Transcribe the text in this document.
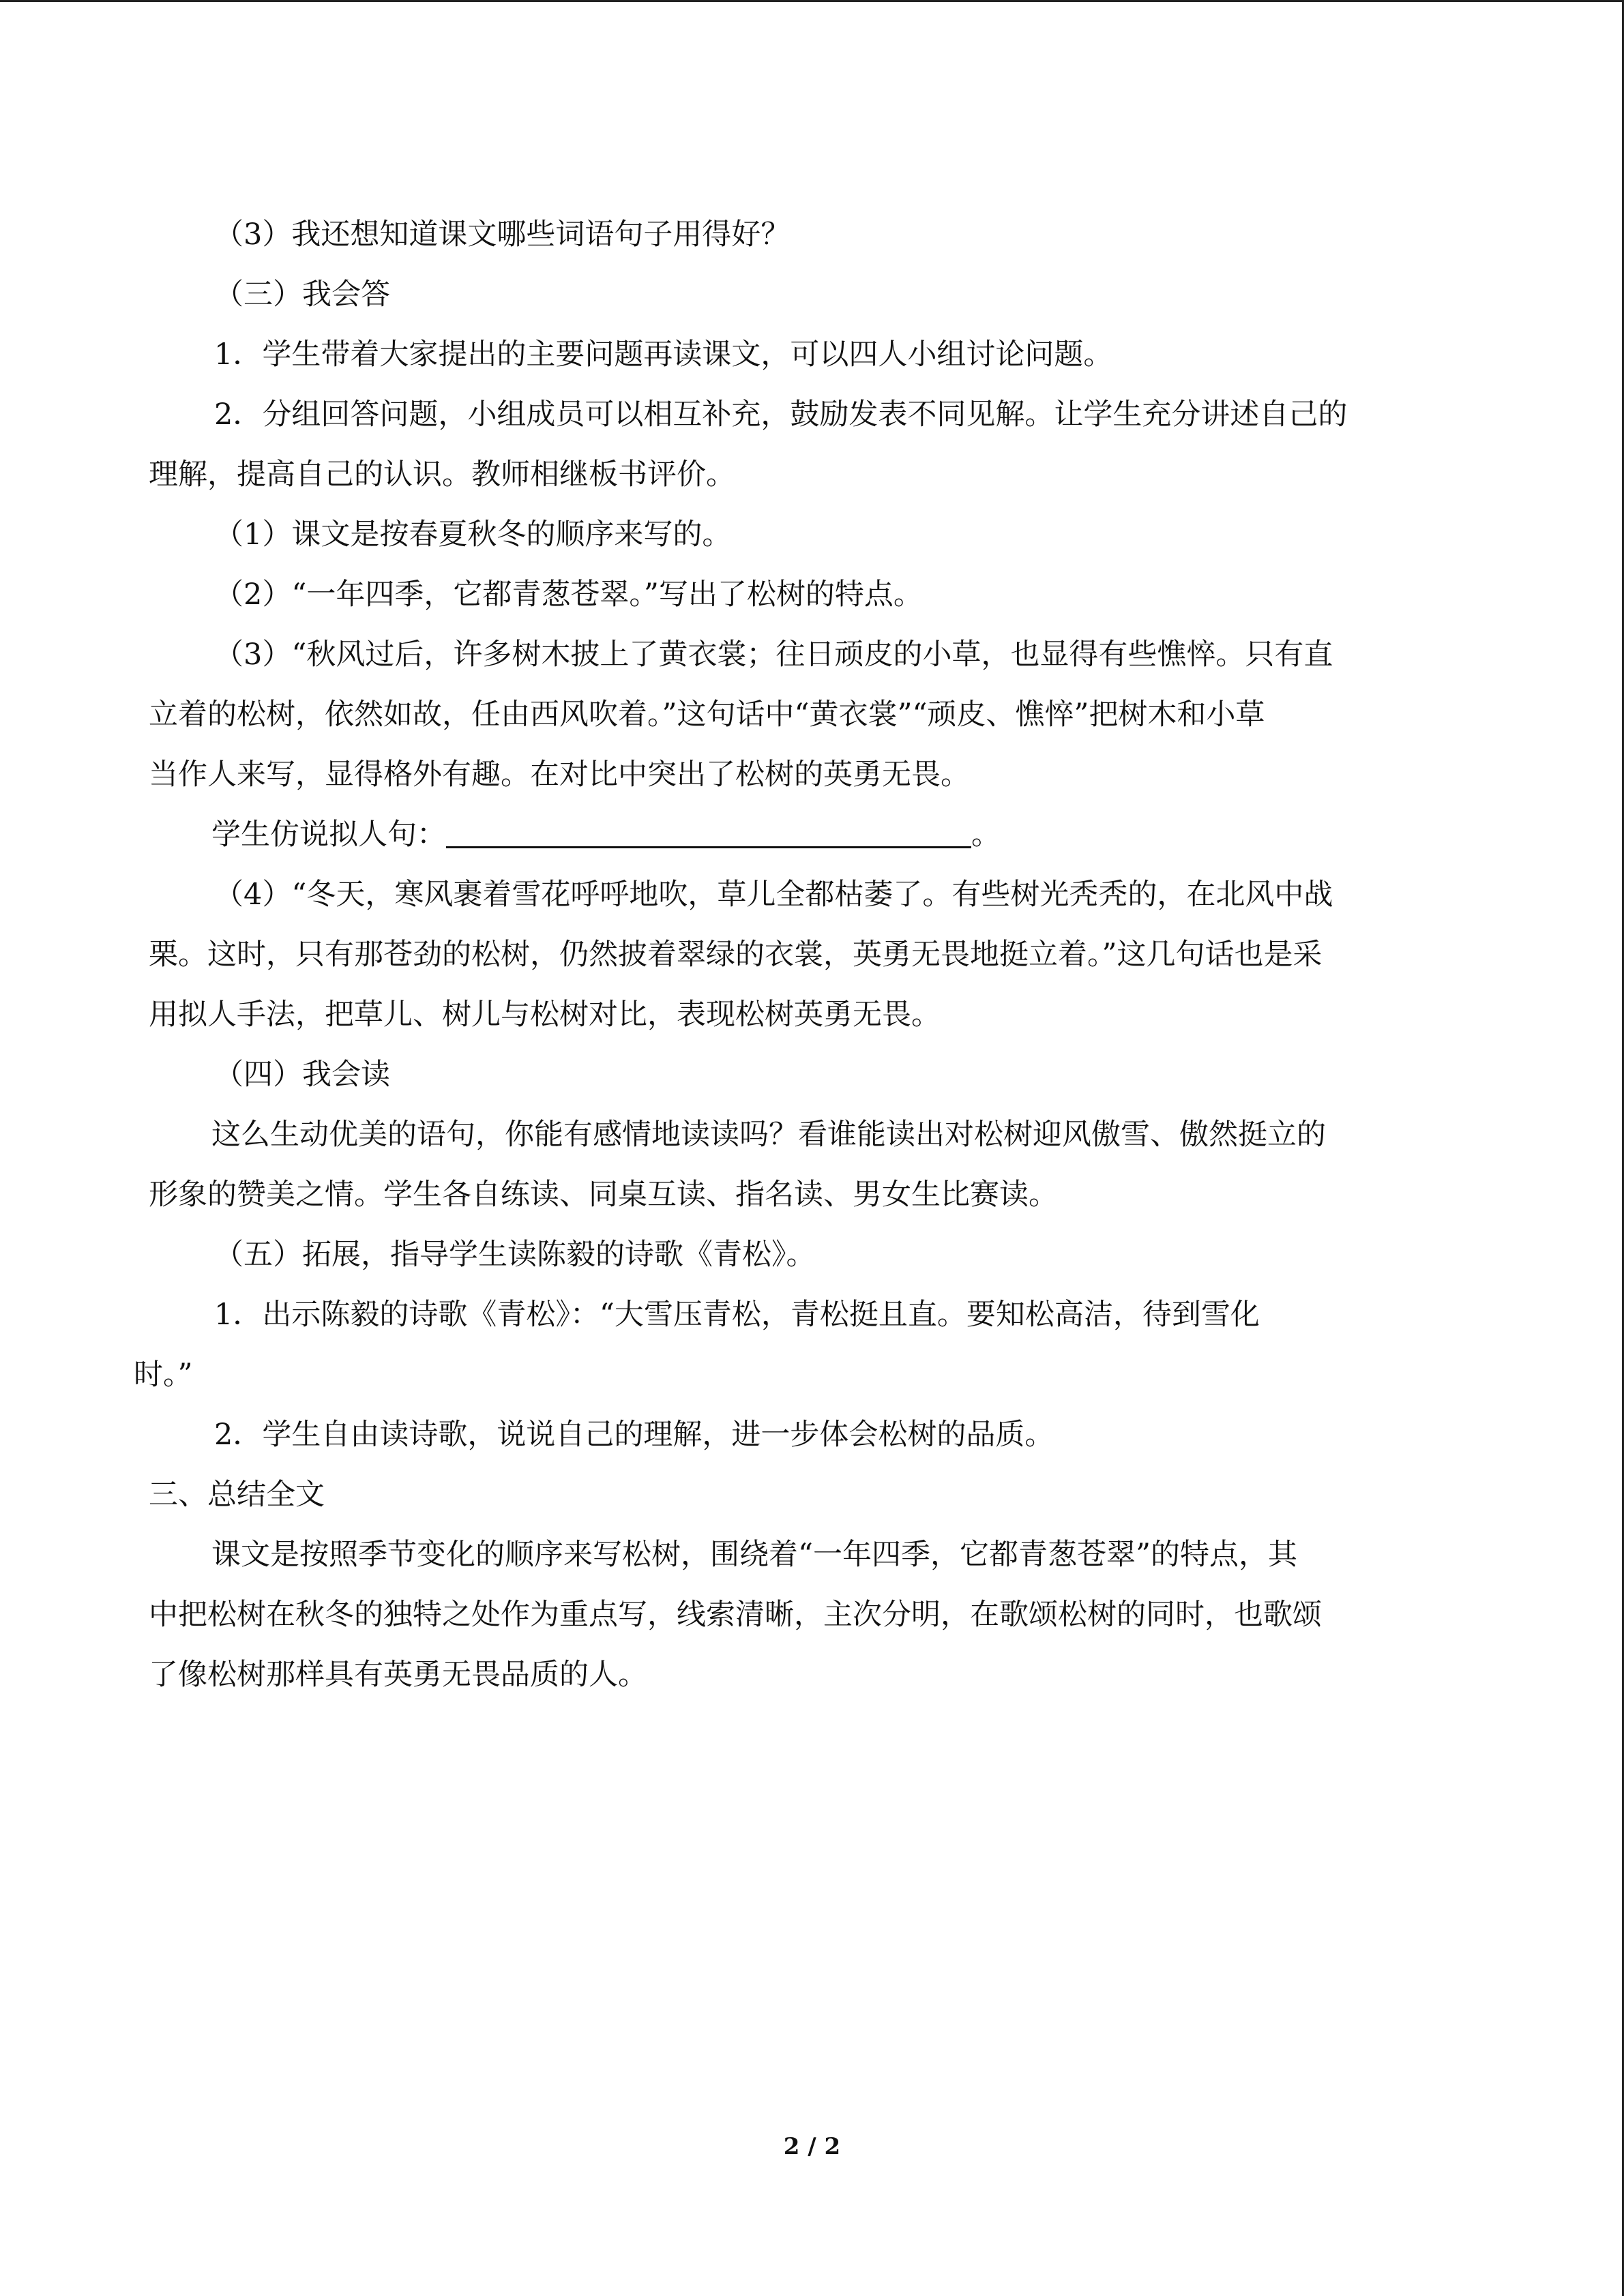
（3）我还想知道课文哪些词语句子用得好？

（三）我会答

1．学生带着大家提出的主要问题再读课文，可以四人小组讨论问题。

2．分组回答问题，小组成员可以相互补充，鼓励发表不同见解。让学生充分讲述自己的

理解，提高自己的认识。教师相继板书评价。

（1）课文是按春夏秋冬的顺序来写的。

（2）“一年四季，它都青葱苍翠。”写出了松树的特点。

（3）“秋风过后，许多树木披上了黄衣裳；往日顽皮的小草，也显得有些憔悴。只有直

立着的松树，依然如故，任由西风吹着。”这句话中“黄衣裳”“顽皮、憔悴”把树木和小草

当作人来写，显得格外有趣。在对比中突出了松树的英勇无畏。

学生仿说拟人句：	。

（4）“冬天，寒风裹着雪花呼呼地吹，草儿全都枯萎了。有些树光秃秃的，在北风中战

栗。这时，只有那苍劲的松树，仍然披着翠绿的衣裳，英勇无畏地挺立着。”这几句话也是采

用拟人手法，把草儿、树儿与松树对比，表现松树英勇无畏。

（四）我会读

这么生动优美的语句，你能有感情地读读吗？看谁能读出对松树迎风傲雪、傲然挺立的

形象的赞美之情。学生各自练读、同桌互读、指名读、男女生比赛读。

（五）拓展，指导学生读陈毅的诗歌《青松》。

1．出示陈毅的诗歌《青松》：“大雪压青松，青松挺且直。要知松高洁，待到雪化

时。”

2．学生自由读诗歌，说说自己的理解，进一步体会松树的品质。

三、总结全文

课文是按照季节变化的顺序来写松树，围绕着“一年四季，它都青葱苍翠”的特点，其

中把松树在秋冬的独特之处作为重点写，线索清晰，主次分明，在歌颂松树的同时，也歌颂

了像松树那样具有英勇无畏品质的人。

2 / 2
